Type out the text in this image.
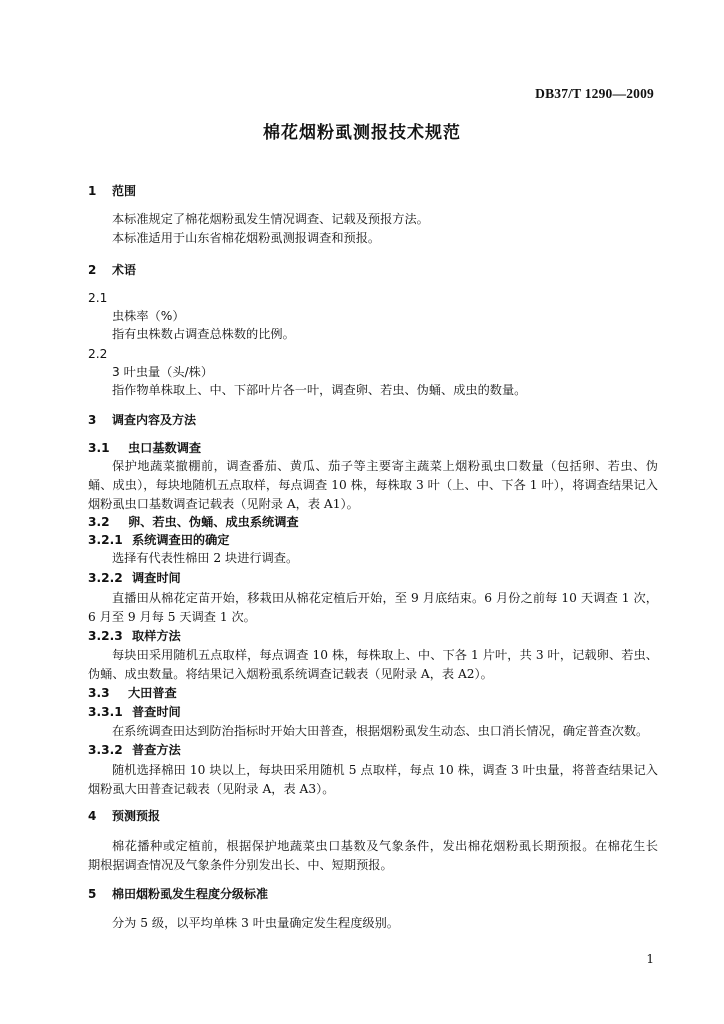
DB37/T 1290—2009
棉花烟粉虱测报技术规范
1 范围
本标准规定了棉花烟粉虱发生情况调查、记载及预报方法。
本标准适用于山东省棉花烟粉虱测报调查和预报。
2 术语
2.1
虫株率（%）
指有虫株数占调查总株数的比例。
2.2
3 叶虫量（头/株）
指作物单株取上、中、下部叶片各一叶，调查卵、若虫、伪蛹、成虫的数量。
3 调查内容及方法
3.1 虫口基数调查
保护地蔬菜撤棚前，调查番茄、黄瓜、茄子等主要寄主蔬菜上烟粉虱虫口数量（包括卵、若虫、伪
蛹、成虫），每块地随机五点取样，每点调查 10 株，每株取 3 叶（上、中、下各 1 叶），将调查结果记入
烟粉虱虫口基数调查记载表（见附录 A，表 A1）。
3.2 卵、若虫、伪蛹、成虫系统调查
3.2.1 系统调查田的确定
选择有代表性棉田 2 块进行调查。
3.2.2 调查时间
直播田从棉花定苗开始，移栽田从棉花定植后开始，至 9 月底结束。6 月份之前每 10 天调查 1 次，
6 月至 9 月每 5 天调查 1 次。
3.2.3 取样方法
每块田采用随机五点取样，每点调查 10 株，每株取上、中、下各 1 片叶，共 3 叶，记载卵、若虫、
伪蛹、成虫数量。将结果记入烟粉虱系统调查记载表（见附录 A，表 A2）。
3.3 大田普查
3.3.1 普查时间
在系统调查田达到防治指标时开始大田普查，根据烟粉虱发生动态、虫口消长情况，确定普查次数。
3.3.2 普查方法
随机选择棉田 10 块以上，每块田采用随机 5 点取样，每点 10 株，调查 3 叶虫量，将普查结果记入
烟粉虱大田普查记载表（见附录 A，表 A3）。
4 预测预报
棉花播种或定植前，根据保护地蔬菜虫口基数及气象条件，发出棉花烟粉虱长期预报。在棉花生长
期根据调查情况及气象条件分别发出长、中、短期预报。
5 棉田烟粉虱发生程度分级标准
分为 5 级，以平均单株 3 叶虫量确定发生程度级别。
1
